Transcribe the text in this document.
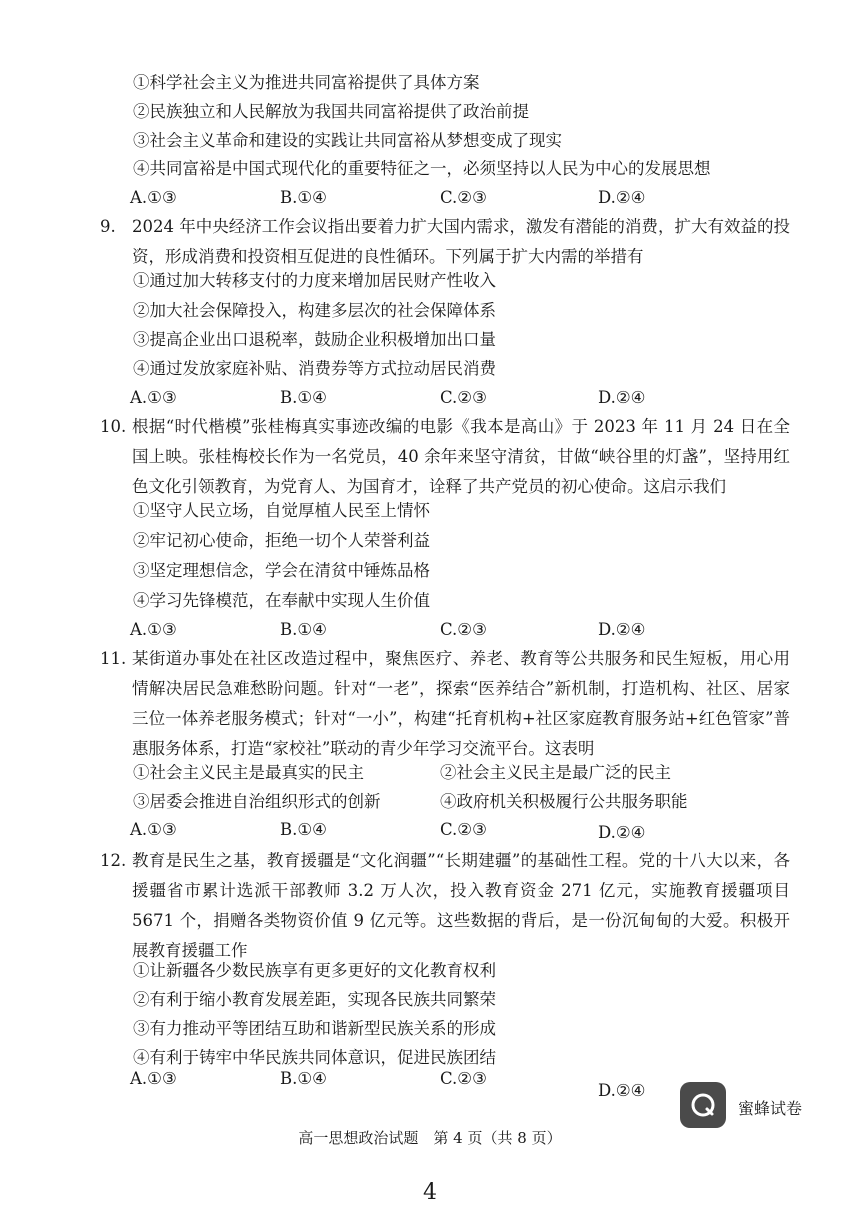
①科学社会主义为推进共同富裕提供了具体方案
②民族独立和人民解放为我国共同富裕提供了政治前提
③社会主义革命和建设的实践让共同富裕从梦想变成了现实
④共同富裕是中国式现代化的重要特征之一，必须坚持以人民为中心的发展思想
A.①③	B.①④	C.②③	D.②④
9. 2024 年中央经济工作会议指出要着力扩大国内需求，激发有潜能的消费，扩大有效益的投资，形成消费和投资相互促进的良性循环。下列属于扩大内需的举措有
①通过加大转移支付的力度来增加居民财产性收入
②加大社会保障投入，构建多层次的社会保障体系
③提高企业出口退税率，鼓励企业积极增加出口量
④通过发放家庭补贴、消费券等方式拉动居民消费
A.①③	B.①④	C.②③	D.②④
10. 根据“时代楷模”张桂梅真实事迹改编的电影《我本是高山》于 2023 年 11 月 24 日在全国上映。张桂梅校长作为一名党员，40 余年来坚守清贫，甘做“峡谷里的灯盏”，坚持用红色文化引领教育，为党育人、为国育才，诠释了共产党员的初心使命。这启示我们
①坚守人民立场，自觉厚植人民至上情怀
②牢记初心使命，拒绝一切个人荣誉利益
③坚定理想信念，学会在清贫中锤炼品格
④学习先锋模范，在奉献中实现人生价值
A.①③	B.①④	C.②③	D.②④
11. 某街道办事处在社区改造过程中，聚焦医疗、养老、教育等公共服务和民生短板，用心用情解决居民急难愁盼问题。针对“一老”，探索“医养结合”新机制，打造机构、社区、居家三位一体养老服务模式；针对“一小”，构建“托育机构+社区家庭教育服务站+红色管家”普惠服务体系，打造“家校社”联动的青少年学习交流平台。这表明
①社会主义民主是最真实的民主	②社会主义民主是最广泛的民主
③居委会推进自治组织形式的创新	④政府机关积极履行公共服务职能
A.①③	B.①④	C.②③	D.②④
12. 教育是民生之基，教育援疆是“文化润疆”“长期建疆”的基础性工程。党的十八大以来，各援疆省市累计选派干部教师 3.2 万人次，投入教育资金 271 亿元，实施教育援疆项目 5671 个，捐赠各类物资价值 9 亿元等。这些数据的背后，是一份沉甸甸的大爱。积极开展教育援疆工作
①让新疆各少数民族享有更多更好的文化教育权利
②有利于缩小教育发展差距，实现各民族共同繁荣
③有力推动平等团结互助和谐新型民族关系的形成
④有利于铸牢中华民族共同体意识，促进民族团结
A.①③	B.①④	C.②③
D.②④
蜜蜂试卷
高一思想政治试题　第 4 页（共 8 页）
4
